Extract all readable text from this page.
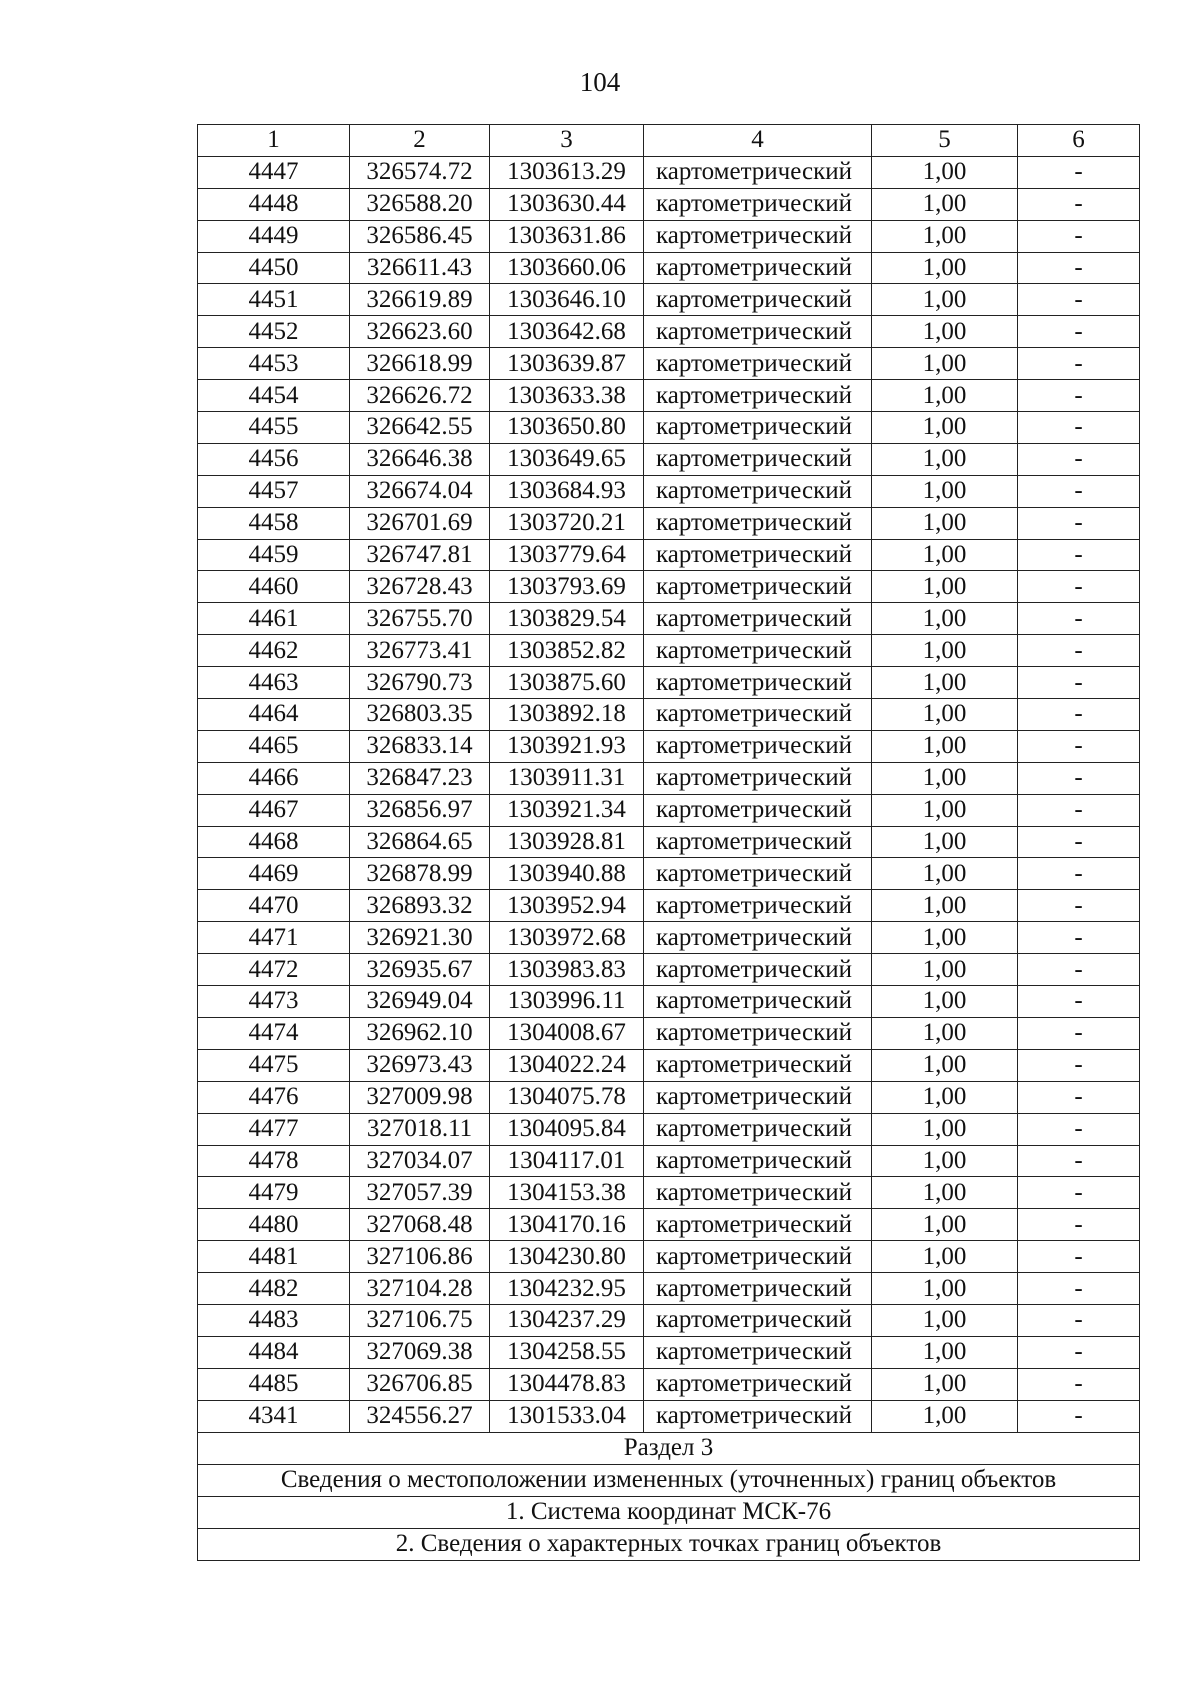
104
1	2	3	4	5	6
4447	326574.72	1303613.29	картометрический	1,00	-
4448	326588.20	1303630.44	картометрический	1,00	-
4449	326586.45	1303631.86	картометрический	1,00	-
4450	326611.43	1303660.06	картометрический	1,00	-
4451	326619.89	1303646.10	картометрический	1,00	-
4452	326623.60	1303642.68	картометрический	1,00	-
4453	326618.99	1303639.87	картометрический	1,00	-
4454	326626.72	1303633.38	картометрический	1,00	-
4455	326642.55	1303650.80	картометрический	1,00	-
4456	326646.38	1303649.65	картометрический	1,00	-
4457	326674.04	1303684.93	картометрический	1,00	-
4458	326701.69	1303720.21	картометрический	1,00	-
4459	326747.81	1303779.64	картометрический	1,00	-
4460	326728.43	1303793.69	картометрический	1,00	-
4461	326755.70	1303829.54	картометрический	1,00	-
4462	326773.41	1303852.82	картометрический	1,00	-
4463	326790.73	1303875.60	картометрический	1,00	-
4464	326803.35	1303892.18	картометрический	1,00	-
4465	326833.14	1303921.93	картометрический	1,00	-
4466	326847.23	1303911.31	картометрический	1,00	-
4467	326856.97	1303921.34	картометрический	1,00	-
4468	326864.65	1303928.81	картометрический	1,00	-
4469	326878.99	1303940.88	картометрический	1,00	-
4470	326893.32	1303952.94	картометрический	1,00	-
4471	326921.30	1303972.68	картометрический	1,00	-
4472	326935.67	1303983.83	картометрический	1,00	-
4473	326949.04	1303996.11	картометрический	1,00	-
4474	326962.10	1304008.67	картометрический	1,00	-
4475	326973.43	1304022.24	картометрический	1,00	-
4476	327009.98	1304075.78	картометрический	1,00	-
4477	327018.11	1304095.84	картометрический	1,00	-
4478	327034.07	1304117.01	картометрический	1,00	-
4479	327057.39	1304153.38	картометрический	1,00	-
4480	327068.48	1304170.16	картометрический	1,00	-
4481	327106.86	1304230.80	картометрический	1,00	-
4482	327104.28	1304232.95	картометрический	1,00	-
4483	327106.75	1304237.29	картометрический	1,00	-
4484	327069.38	1304258.55	картометрический	1,00	-
4485	326706.85	1304478.83	картометрический	1,00	-
4341	324556.27	1301533.04	картометрический	1,00	-
Раздел 3					
Сведения о местоположении измененных (уточненных) границ объектов					
1. Система координат МСК-76					
2. Сведения о характерных точках границ объектов					
